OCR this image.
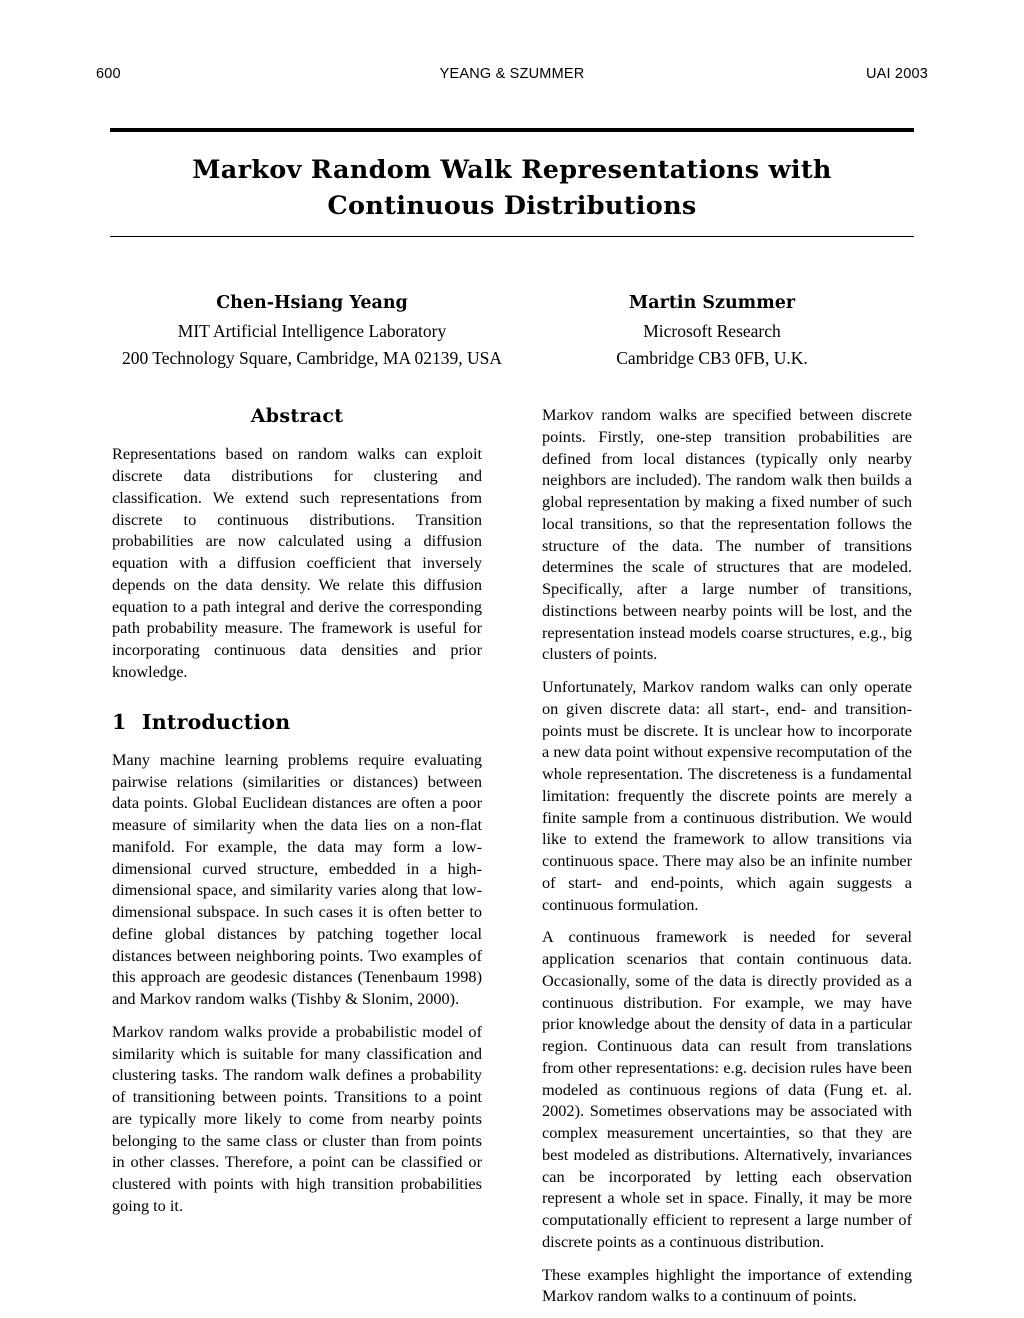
600	YEANG & SZUMMER	UAI 2003
Markov Random Walk Representations with Continuous Distributions
Chen-Hsiang Yeang
MIT Artificial Intelligence Laboratory
200 Technology Square, Cambridge, MA 02139, USA
Martin Szummer
Microsoft Research
Cambridge CB3 0FB, U.K.
Abstract

Representations based on random walks can exploit discrete data distributions for clustering and classification. We extend such representations from discrete to continuous distributions. Transition probabilities are now calculated using a diffusion equation with a diffusion coefficient that inversely depends on the data density. We relate this diffusion equation to a path integral and derive the corresponding path probability measure. The framework is useful for incorporating continuous data densities and prior knowledge.

1 Introduction

Many machine learning problems require evaluating pairwise relations (similarities or distances) between data points. Global Euclidean distances are often a poor measure of similarity when the data lies on a non-flat manifold. For example, the data may form a low-dimensional curved structure, embedded in a high-dimensional space, and similarity varies along that low-dimensional subspace. In such cases it is often better to define global distances by patching together local distances between neighboring points. Two examples of this approach are geodesic distances (Tenenbaum 1998) and Markov random walks (Tishby & Slonim, 2000).

Markov random walks provide a probabilistic model of similarity which is suitable for many classification and clustering tasks. The random walk defines a probability of transitioning between points. Transitions to a point are typically more likely to come from nearby points belonging to the same class or cluster than from points in other classes. Therefore, a point can be classified or clustered with points with high transition probabilities going to it.

Markov random walks are specified between discrete points. Firstly, one-step transition probabilities are defined from local distances (typically only nearby neighbors are included). The random walk then builds a global representation by making a fixed number of such local transitions, so that the representation follows the structure of the data. The number of transitions determines the scale of structures that are modeled. Specifically, after a large number of transitions, distinctions between nearby points will be lost, and the representation instead models coarse structures, e.g., big clusters of points.

Unfortunately, Markov random walks can only operate on given discrete data: all start-, end- and transition-points must be discrete. It is unclear how to incorporate a new data point without expensive recomputation of the whole representation. The discreteness is a fundamental limitation: frequently the discrete points are merely a finite sample from a continuous distribution. We would like to extend the framework to allow transitions via continuous space. There may also be an infinite number of start- and end-points, which again suggests a continuous formulation.

A continuous framework is needed for several application scenarios that contain continuous data. Occasionally, some of the data is directly provided as a continuous distribution. For example, we may have prior knowledge about the density of data in a particular region. Continuous data can result from translations from other representations: e.g. decision rules have been modeled as continuous regions of data (Fung et. al. 2002). Sometimes observations may be associated with complex measurement uncertainties, so that they are best modeled as distributions. Alternatively, invariances can be incorporated by letting each observation represent a whole set in space. Finally, it may be more computationally efficient to represent a large number of discrete points as a continuous distribution.

These examples highlight the importance of extending Markov random walks to a continuum of points.
